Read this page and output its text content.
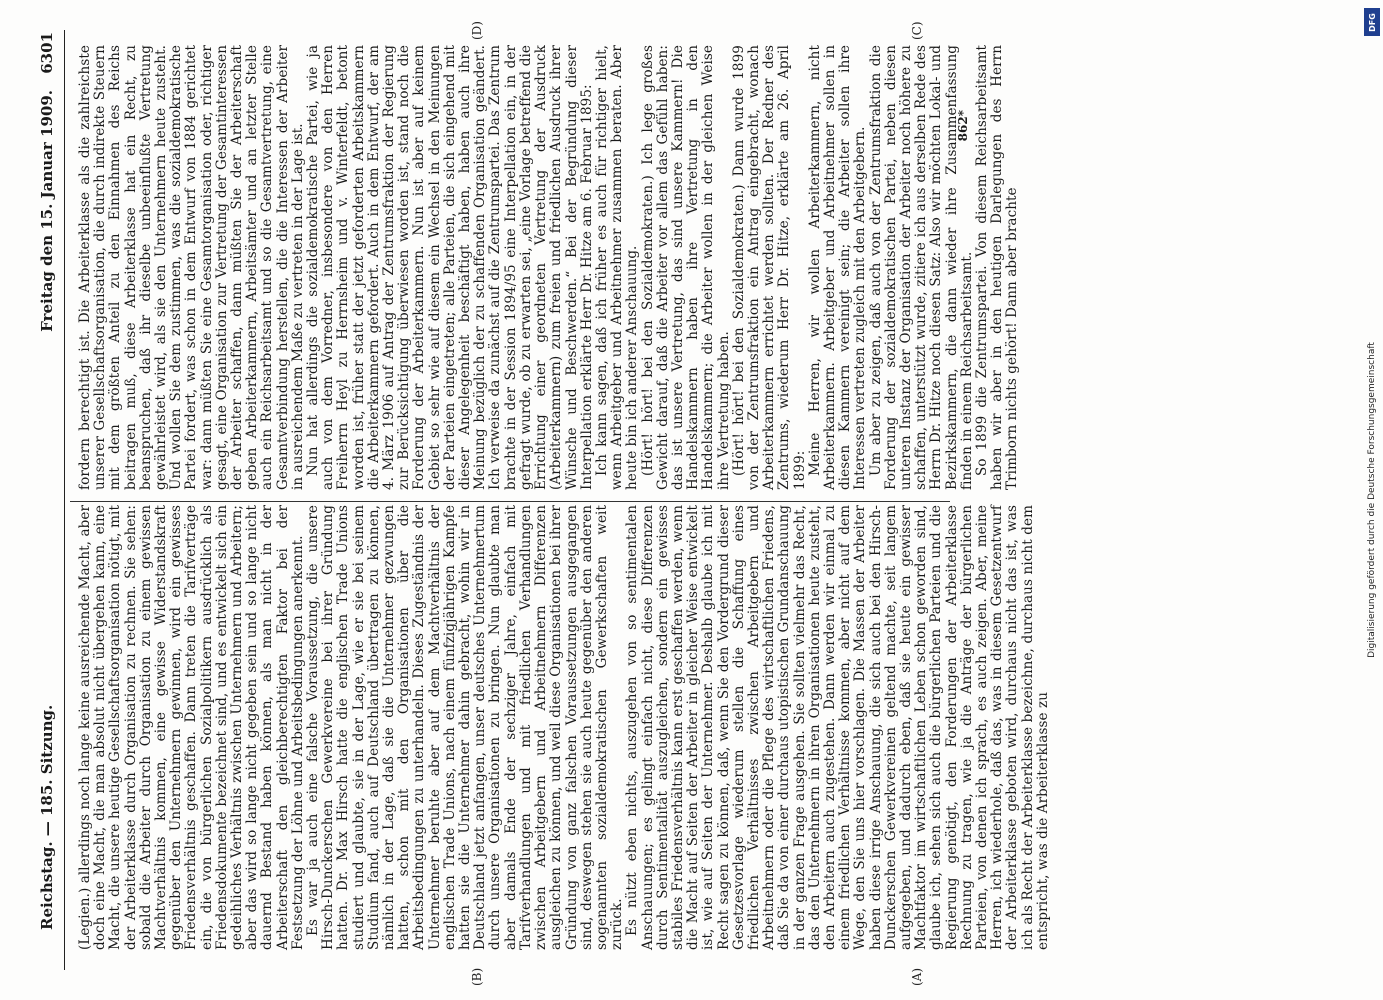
Reichstag. — 185. Sitzung.
Freitag den 15. Januar 1909.
6301

(Legien.) allerdings noch lange keine ausreichende Macht, aber doch eine Macht, die man absolut nicht übergehen kann, eine Macht, die unsere heutige Gesellschaftsorganisation nötigt, mit der Arbeiterklasse durch Organisation zu rechnen. Sie sehen: sobald die Arbeiter durch Organisation zu einem gewissen Machtverhältnis kommen, eine gewisse Widerstandskraft gegenüber den Unternehmern gewinnen, wird ein gewisses Friedensverhältnis geschaffen. Dann treten die Tarifverträge ein, die von bürgerlichen Sozialpolitikern ausdrücklich als Friedensdokumente bezeichnet sind, und es entwickelt sich ein gedeihliches Verhältnis zwischen Unternehmern und Arbeitern; aber das wird so lange nicht gegeben sein und so lange nicht dauernd Bestand haben können, als man nicht in der Arbeiterschaft den gleichberechtigten Faktor bei der Festsetzung der Löhne und Arbeitsbedingungen anerkennt. Es war ja auch eine falsche Voraussetzung, die unsere Hirsch-Dunckerschen Gewerkvereine bei ihrer Gründung hatten. Dr. Max Hirsch hatte die englischen Trade Unions studiert und glaubte, sie in der Lage, wie er sie bei seinem Studium fand, auch auf Deutschland übertragen zu können, nämlich in der Lage, daß sie die Unternehmer gezwungen hatten, schon mit den Organisationen über die Arbeitsbedingungen zu unterhandeln. Dieses Zugeständnis der Unternehmer beruhte aber auf dem Machtverhältnis der englischen Trade Unions, nach einem fünfzigjährigen Kampfe hatten sie die Unternehmer dahin gebracht, wohin wir in Deutschland jetzt anfangen, unser deutsches Unternehmertum durch unsere Organisationen zu bringen. Nun glaubte man aber damals Ende der sechziger Jahre, einfach mit Tarifverhandlungen und mit friedlichen Verhandlungen zwischen Arbeitgebern und Arbeitnehmern Differenzen ausgleichen zu können, und weil diese Organisationen bei ihrer Gründung von ganz falschen Voraussetzungen ausgegangen sind, deswegen stehen sie auch heute gegenüber den anderen sogenannten sozialdemokratischen Gewerkschaften weit zurück. Es nützt eben nichts, auszugehen von so sentimentalen Anschauungen; es gelingt einfach nicht, diese Differenzen durch Sentimentalität auszugleichen, sondern ein gewisses stabiles Friedensverhältnis kann erst geschaffen werden, wenn die Macht auf Seiten der Arbeiter in gleicher Weise entwickelt ist, wie auf Seiten der Unternehmer. Deshalb glaube ich mit Recht sagen zu können, daß, wenn Sie den Vordergrund dieser Gesetzesvorlage wiederum stellen die Schaffung eines friedlichen Verhältnisses zwischen Arbeitgebern und Arbeitnehmern oder die Pflege des wirtschaftlichen Friedens, daß Sie da von einer durchaus utopistischen Grundanschauung in der ganzen Frage ausgehen. Sie sollten vielmehr das Recht, das den Unternehmern in ihren Organisationen heute zusteht, den Arbeitern auch zugestehen. Dann werden wir einmal zu einem friedlichen Verhältnisse kommen, aber nicht auf dem Wege, den Sie uns hier vorschlagen. Die Massen der Arbeiter haben diese irrige Anschauung, die sich auch bei den Hirsch-Dunckerschen Gewerkvereinen geltend machte, seit langem aufgegeben, und dadurch eben, daß sie heute ein gewisser Machtfaktor im wirtschaftlichen Leben schon geworden sind, glaube ich, sehen sich auch die bürgerlichen Parteien und die Regierung genötigt, den Forderungen der Arbeiterklasse Rechnung zu tragen, wie ja die Anträge der bürgerlichen Parteien, von denen ich sprach, es auch zeigen. Aber, meine Herren, ich wiederhole, daß das, was in diesem Gesetzentwurf der Arbeiterklasse geboten wird, durchaus nicht das ist, was ich als Recht der Arbeiterklasse bezeichne, durchaus nicht dem entspricht, was die Arbeiterklasse zu

fordern berechtigt ist. Die Arbeiterklasse als die zahlreichste unserer Gesellschaftsorganisation, die durch indirekte Steuern mit dem größten Anteil zu den Einnahmen des Reichs beitragen muß, diese Arbeiterklasse hat ein Recht, zu beanspruchen, daß ihr dieselbe unbeeinflußte Vertretung gewährleistet wird, als sie den Unternehmern heute zusteht. Und wollen Sie dem zustimmen, was die sozialdemokratische Partei fordert, was schon in dem Entwurf von 1884 gerichtet war: dann müßten Sie eine Gesamtorganisation oder, richtiger gesagt, eine Organisation zur Vertretung der Gesamtinteressen der Arbeiter schaffen, dann müßten Sie der Arbeiterschaft geben Arbeiterkammern, Arbeitsämter und an letzter Stelle auch ein Reichsarbeitsamt und so die Gesamtvertretung, eine Gesamtverbindung herstellen, die die Interessen der Arbeiter in ausreichendem Maße zu vertreten in der Lage ist. Nun hat allerdings die sozialdemokratische Partei, wie ja auch von dem Vorredner, insbesondere von den Herren Freiherrn Heyl zu Herrnsheim und v. Winterfeldt, betont worden ist, früher statt der jetzt geforderten Arbeitskammern die Arbeiterkammern gefordert. Auch in dem Entwurf, der am 4. März 1906 auf Antrag der Zentrumsfraktion der Regierung zur Berücksichtigung überwiesen worden ist, stand noch die Forderung der Arbeiterkammern. Nun ist aber auf keinem Gebiet so sehr wie auf diesem ein Wechsel in den Meinungen der Parteien eingetreten; alle Parteien, die sich eingehend mit dieser Angelegenheit beschäftigt haben, haben auch ihre Meinung bezüglich der zu schaffenden Organisation geändert. Ich verweise da zunächst auf die Zentrumspartei. Das Zentrum brachte in der Session 1894/95 eine Interpellation ein, in der gefragt wurde, ob zu erwarten sei, „eine Vorlage betreffend die Errichtung einer geordneten Vertretung der Ausdruck (Arbeiterkammern) zum freien und friedlichen Ausdruck ihrer Wünsche und Beschwerden.“ Bei der Begründung dieser Interpellation erklärte Herr Dr. Hitze am 6. Februar 1895: Ich kann sagen, daß ich früher es auch für richtiger hielt, wenn Arbeitgeber und Arbeitnehmer zusammen beraten. Aber heute bin ich anderer Anschauung. (Hört! hört! bei den Sozialdemokraten.) Ich lege großes Gewicht darauf, daß die Arbeiter vor allem das Gefühl haben: das ist unsere Vertretung, das sind unsere Kammern! Die Handelskammern haben ihre Vertretung in den Handelskammern; die Arbeiter wollen in der gleichen Weise ihre Vertretung haben. (Hört! hört! bei den Sozialdemokraten.) Dann wurde 1899 von der Zentrumsfraktion ein Antrag eingebracht, wonach Arbeiterkammern errichtet werden sollten. Der Redner des Zentrums, wiederum Herr Dr. Hitze, erklärte am 26. April 1899: Meine Herren, wir wollen Arbeiterkammern, nicht Arbeiterkammern. Arbeitgeber und Arbeitnehmer sollen in diesen Kammern vereinigt sein; die Arbeiter sollen ihre Interessen vertreten zugleich mit den Arbeitgebern. Um aber zu zeigen, daß auch von der Zentrumsfraktion die Forderung der sozialdemokratischen Partei, neben diesen unteren Instanz der Organisation der Arbeiter noch höhere zu schaffen, unterstützt wurde, zitiere ich aus derselben Rede des Herrn Dr. Hitze noch diesen Satz: Also wir möchten Lokal- und Bezirkskammern, die dann wieder ihre Zusammenfassung finden in einem Reichsarbeitsamt. So 1899 die Zentrumspartei. Von diesem Reichsarbeitsamt haben wir aber in den heutigen Darlegungen des Herrn Trimborn nichts gehört! Dann aber brachte

(A)
(B)
(C)
(D)
862*
DFG
Digitalisierung gefördert durch die Deutsche Forschungsgemeinschaft
